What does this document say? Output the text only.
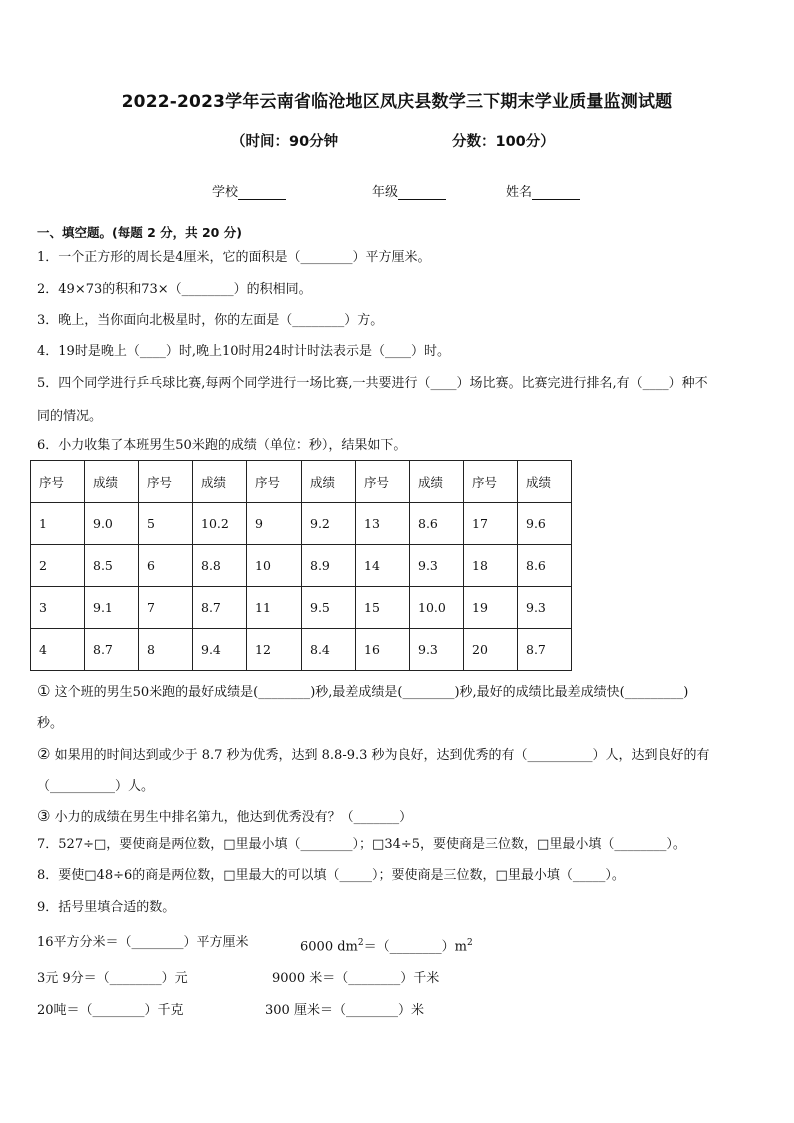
2022-2023学年云南省临沧地区凤庆县数学三下期末学业质量监测试题
（时间：90分钟	分数：100分）
学校	年级	姓名
一、填空题。(每题 2 分，共 20 分)
1．一个正方形的周长是4厘米，它的面积是（________）平方厘米。
2．49×73的积和73×（________）的积相同。
3．晚上，当你面向北极星时，你的左面是（________）方。
4．19时是晚上（____）时,晚上10时用24时计时法表示是（____）时。
5．四个同学进行乒乓球比赛,每两个同学进行一场比赛,一共要进行（____）场比赛。比赛完进行排名,有（____）种不
同的情况。
6．小力收集了本班男生50米跑的成绩（单位：秒），结果如下。
序号	成绩	序号	成绩	序号	成绩	序号	成绩	序号	成绩
1	9.0	5	10.2	9	9.2	13	8.6	17	9.6
2	8.5	6	8.8	10	8.9	14	9.3	18	8.6
3	9.1	7	8.7	11	9.5	15	10.0	19	9.3
4	8.7	8	9.4	12	8.4	16	9.3	20	8.7
① 这个班的男生50米跑的最好成绩是(________)秒,最差成绩是(________)秒,最好的成绩比最差成绩快(_________)
秒。
② 如果用的时间达到或少于 8.7 秒为优秀，达到 8.8-9.3 秒为良好，达到优秀的有（__________）人，达到良好的有
（__________）人。
③ 小力的成绩在男生中排名第九，他达到优秀没有？（_______）
7．527÷□，要使商是两位数，□里最小填（________）；□34÷5，要使商是三位数，□里最小填（________）。
8．要使□48÷6的商是两位数，□里最大的可以填（_____）；要使商是三位数，□里最小填（_____）。
9．括号里填合适的数。
16平方分米＝（________）平方厘米	6000 $dm^2=(\_\_\_\_\_\_\_\_)m^2$
3元 9分＝（________）元	9000 米＝（________）千米
20吨＝（________）千克	300 厘米＝（________）米
